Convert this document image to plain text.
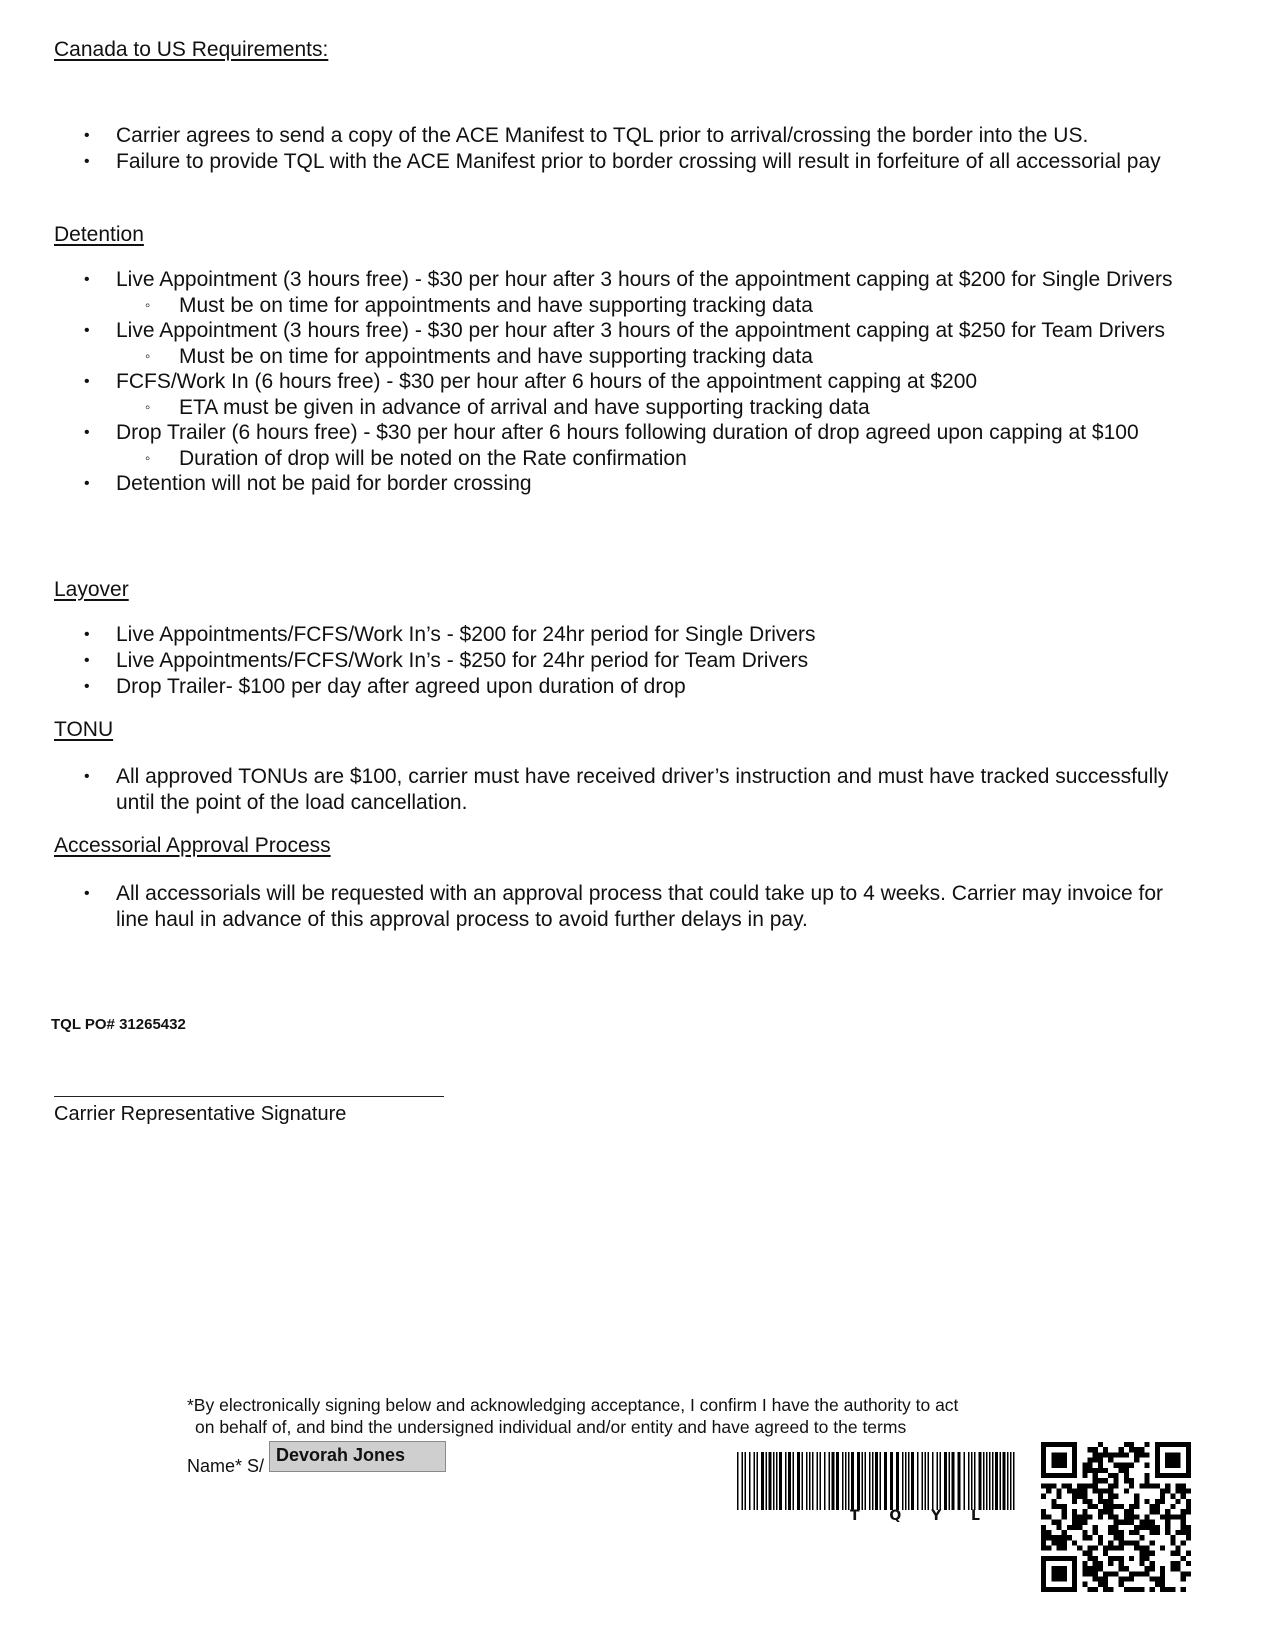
Canada to US Requirements:
• Carrier agrees to send a copy of the ACE Manifest to TQL prior to arrival/crossing the border into the US.
• Failure to provide TQL with the ACE Manifest prior to border crossing will result in forfeiture of all accessorial pay
Detention
• Live Appointment (3 hours free) - $30 per hour after 3 hours of the appointment capping at $200 for Single Drivers
◦ Must be on time for appointments and have supporting tracking data
• Live Appointment (3 hours free) - $30 per hour after 3 hours of the appointment capping at $250 for Team Drivers
◦ Must be on time for appointments and have supporting tracking data
• FCFS/Work In (6 hours free) - $30 per hour after 6 hours of the appointment capping at $200
◦ ETA must be given in advance of arrival and have supporting tracking data
• Drop Trailer (6 hours free) - $30 per hour after 6 hours following duration of drop agreed upon capping at $100
◦ Duration of drop will be noted on the Rate confirmation
• Detention will not be paid for border crossing
Layover
• Live Appointments/FCFS/Work In’s - $200 for 24hr period for Single Drivers
• Live Appointments/FCFS/Work In’s - $250 for 24hr period for Team Drivers
• Drop Trailer- $100 per day after agreed upon duration of drop
TONU
• All approved TONUs are $100, carrier must have received driver’s instruction and must have tracked successfully until the point of the load cancellation.
Accessorial Approval Process
• All accessorials will be requested with an approval process that could take up to 4 weeks. Carrier may invoice for line haul in advance of this approval process to avoid further delays in pay.
TQL PO# 31265432
Carrier Representative Signature
*By electronically signing below and acknowledging acceptance, I confirm I have the authority to act
on behalf of, and bind the undersigned individual and/or entity and have agreed to the terms
Name* S/
Devorah Jones
T Q Y L
